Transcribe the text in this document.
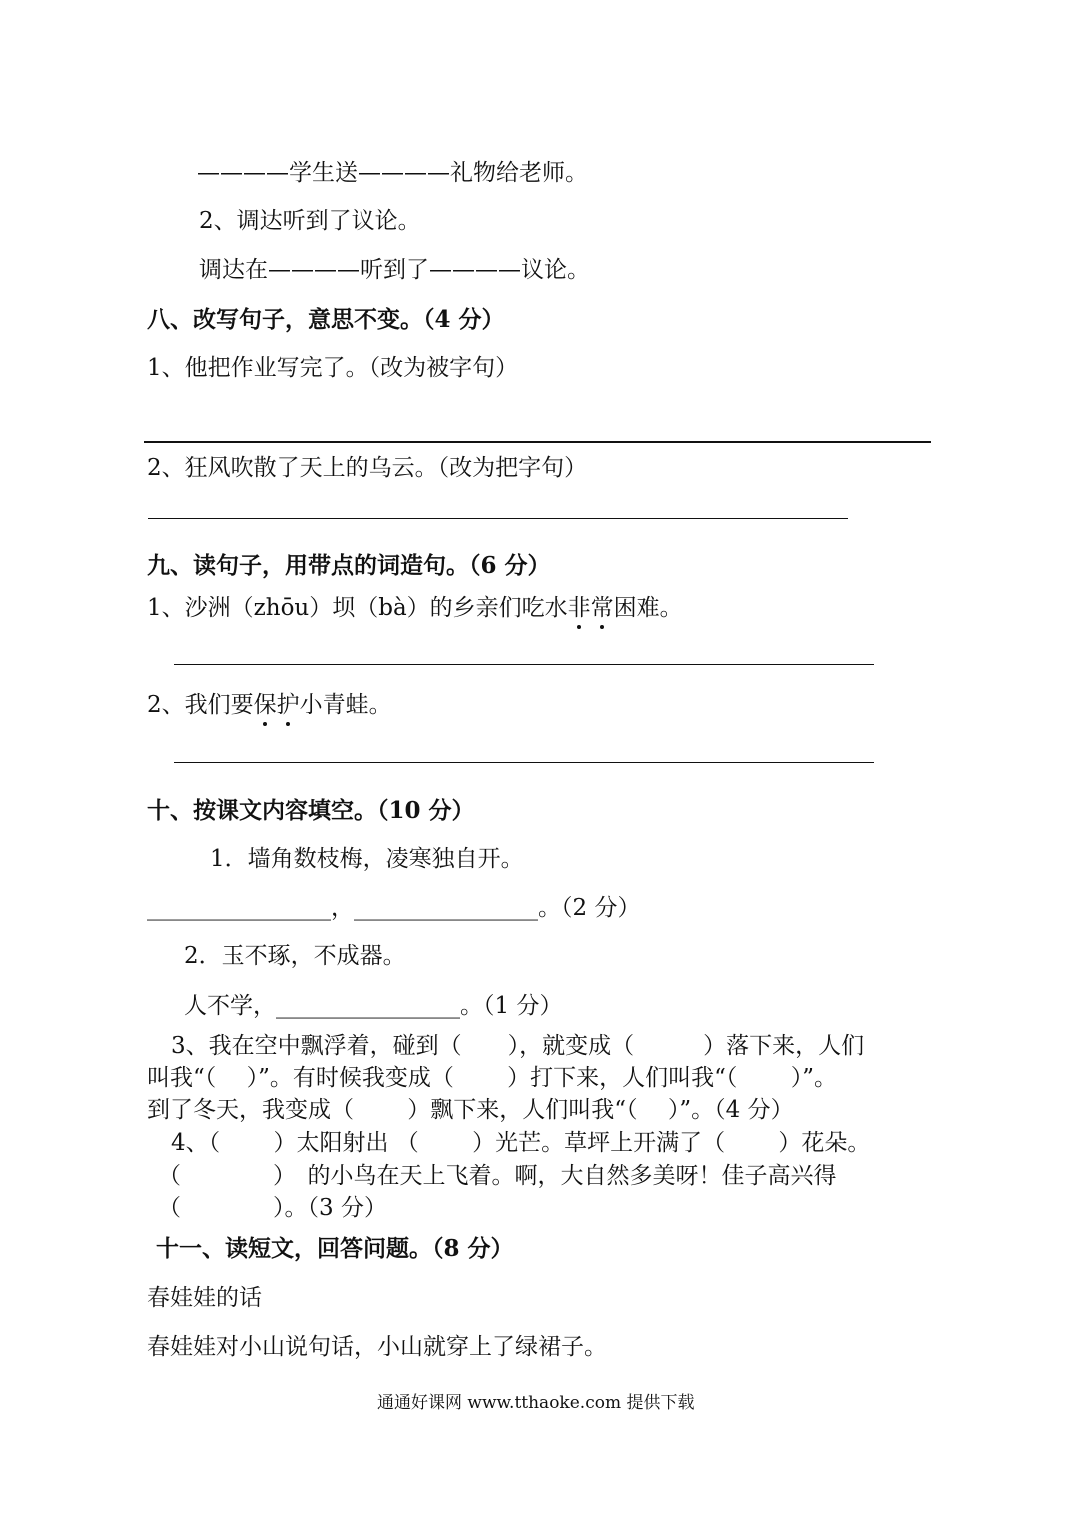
————学生送————礼物给老师。
2、调达听到了议论。
调达在————听到了————议论。
八、改写句子，意思不变。（4 分）
1、他把作业写完了。（改为被字句）
2、狂风吹散了天上的乌云。（改为把字句）
九、读句子，用带点的词造句。（6 分）
1、沙洲（zhōu）坝（bà）的乡亲们吃水非常困难。
2、我们要保护小青蛙。
十、按课文内容填空。（10 分）
1．墙角数枝梅，凌寒独自开。
________________，________________。（2 分）
2．玉不琢，不成器。
人不学，________________。（1 分）
3、我在空中飘浮着，碰到（　　），就变成（　　　）落下来，人们
叫我“（　 ）”。有时候我变成（　　 ）打下来，人们叫我“（　　 ）”。
到了冬天，我变成（　　 ）飘下来，人们叫我“（　 ）”。（4 分）
4、（　　 ）太阳射出 （　　 ）光芒。草坪上开满了（　　 ）花朵。
（　　　　）　的小鸟在天上飞着。啊，大自然多美呀！佳子高兴得
（　　　　）。（3 分）
十一、读短文，回答问题。（8 分）
春娃娃的话
春娃娃对小山说句话，小山就穿上了绿裙子。
通通好课网 www.tthaoke.com 提供下载
